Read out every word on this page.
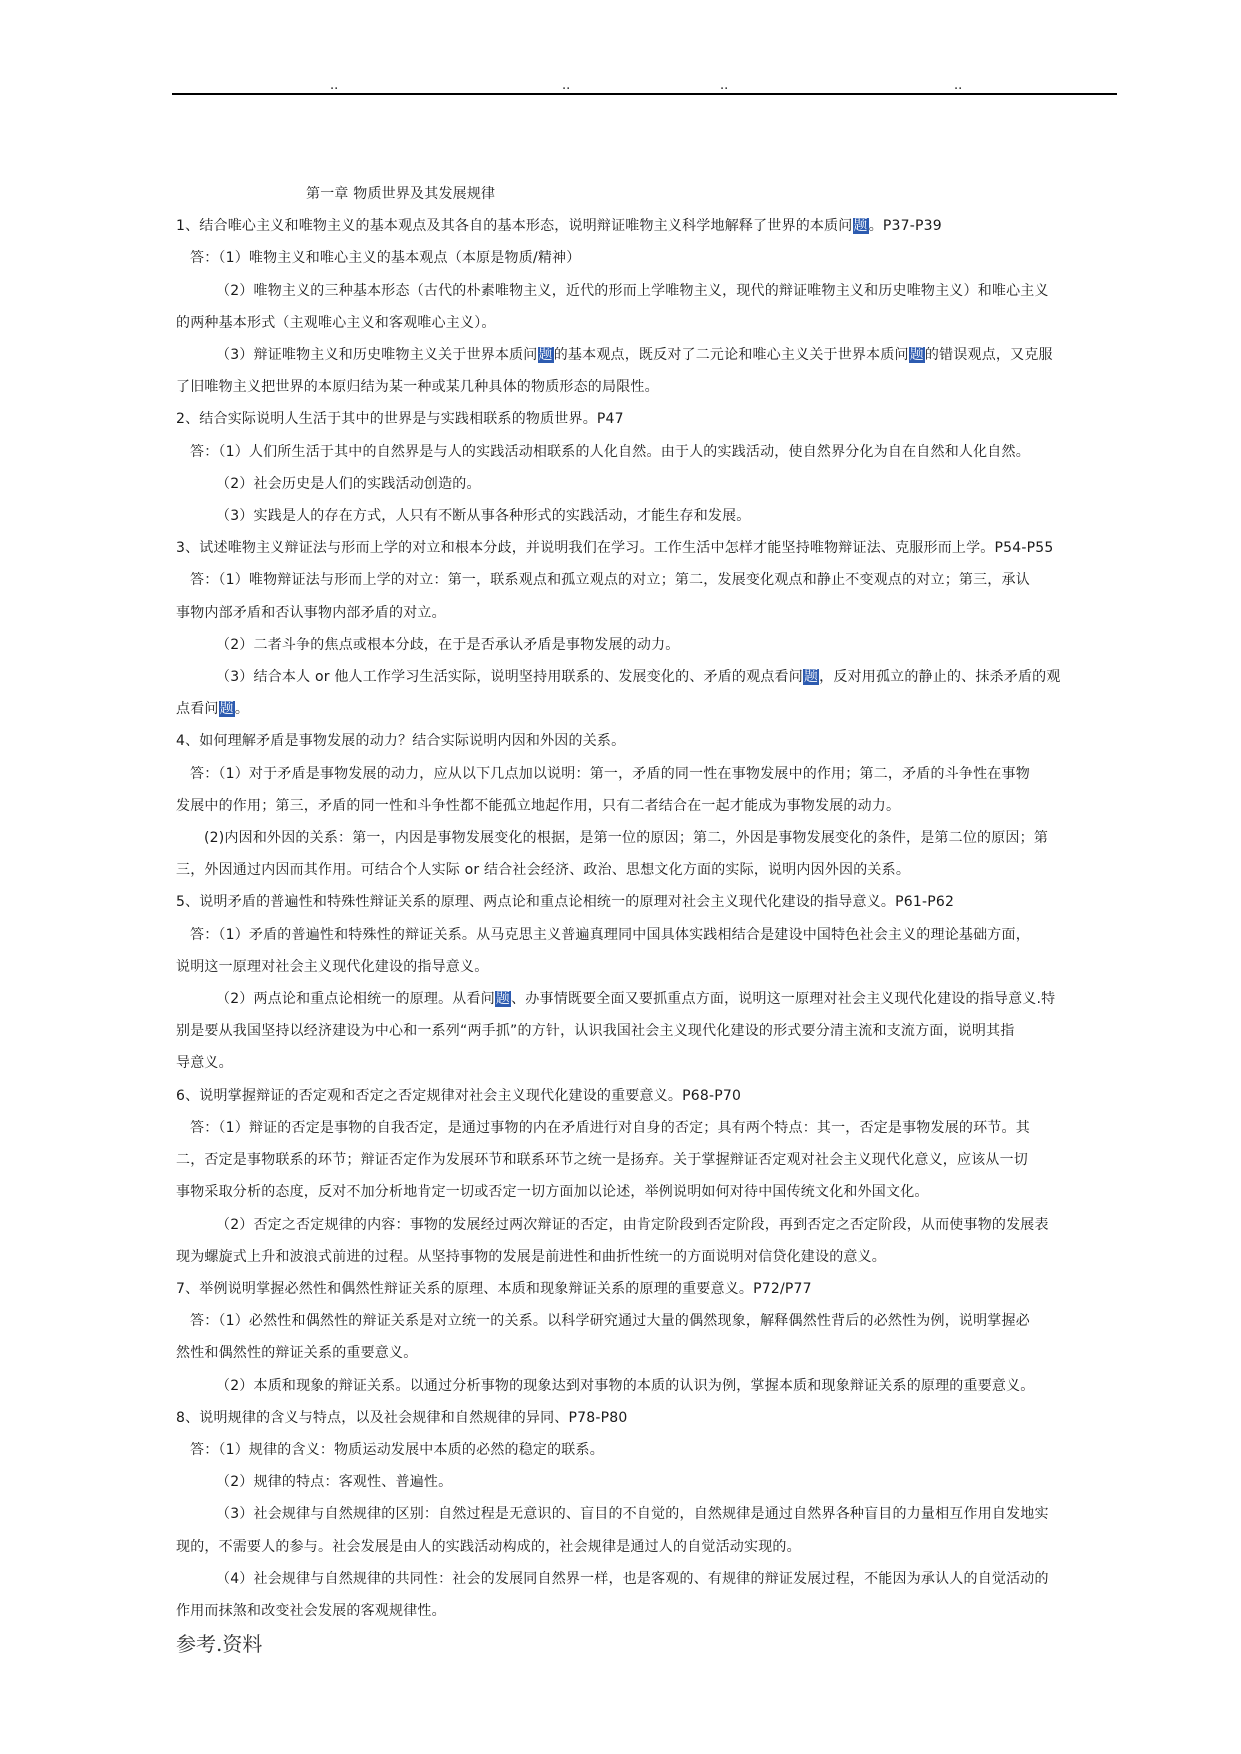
..	..	..	..
第一章 物质世界及其发展规律
1、结合唯心主义和唯物主义的基本观点及其各自的基本形态，说明辩证唯物主义科学地解释了世界的本质问题。P37-P39
答：（1）唯物主义和唯心主义的基本观点（本原是物质/精神）
（2）唯物主义的三种基本形态（古代的朴素唯物主义，近代的形而上学唯物主义，现代的辩证唯物主义和历史唯物主义）和唯心主义
的两种基本形式（主观唯心主义和客观唯心主义）。
（3）辩证唯物主义和历史唯物主义关于世界本质问题的基本观点，既反对了二元论和唯心主义关于世界本质问题的错误观点，又克服
了旧唯物主义把世界的本原归结为某一种或某几种具体的物质形态的局限性。
2、结合实际说明人生活于其中的世界是与实践相联系的物质世界。P47
答：（1）人们所生活于其中的自然界是与人的实践活动相联系的人化自然。由于人的实践活动，使自然界分化为自在自然和人化自然。
（2）社会历史是人们的实践活动创造的。
（3）实践是人的存在方式，人只有不断从事各种形式的实践活动，才能生存和发展。
3、试述唯物主义辩证法与形而上学的对立和根本分歧，并说明我们在学习。工作生活中怎样才能坚持唯物辩证法、克服形而上学。P54-P55
答：（1）唯物辩证法与形而上学的对立：第一，联系观点和孤立观点的对立；第二，发展变化观点和静止不变观点的对立；第三，承认
事物内部矛盾和否认事物内部矛盾的对立。
（2）二者斗争的焦点或根本分歧，在于是否承认矛盾是事物发展的动力。
（3）结合本人 or 他人工作学习生活实际，说明坚持用联系的、发展变化的、矛盾的观点看问题，反对用孤立的静止的、抹杀矛盾的观
点看问题。
4、如何理解矛盾是事物发展的动力？结合实际说明内因和外因的关系。
答：（1）对于矛盾是事物发展的动力，应从以下几点加以说明：第一，矛盾的同一性在事物发展中的作用；第二，矛盾的斗争性在事物
发展中的作用；第三，矛盾的同一性和斗争性都不能孤立地起作用，只有二者结合在一起才能成为事物发展的动力。
(2)内因和外因的关系：第一，内因是事物发展变化的根据，是第一位的原因；第二，外因是事物发展变化的条件，是第二位的原因；第
三，外因通过内因而其作用。可结合个人实际 or 结合社会经济、政治、思想文化方面的实际，说明内因外因的关系。
5、说明矛盾的普遍性和特殊性辩证关系的原理、两点论和重点论相统一的原理对社会主义现代化建设的指导意义。P61-P62
答：（1）矛盾的普遍性和特殊性的辩证关系。从马克思主义普遍真理同中国具体实践相结合是建设中国特色社会主义的理论基础方面，
说明这一原理对社会主义现代化建设的指导意义。
（2）两点论和重点论相统一的原理。从看问题、办事情既要全面又要抓重点方面，说明这一原理对社会主义现代化建设的指导意义.特
别是要从我国坚持以经济建设为中心和一系列“两手抓”的方针，认识我国社会主义现代化建设的形式要分清主流和支流方面，说明其指
导意义。
6、说明掌握辩证的否定观和否定之否定规律对社会主义现代化建设的重要意义。P68-P70
答：（1）辩证的否定是事物的自我否定，是通过事物的内在矛盾进行对自身的否定；具有两个特点：其一，否定是事物发展的环节。其
二，否定是事物联系的环节；辩证否定作为发展环节和联系环节之统一是扬弃。关于掌握辩证否定观对社会主义现代化意义，应该从一切
事物采取分析的态度，反对不加分析地肯定一切或否定一切方面加以论述，举例说明如何对待中国传统文化和外国文化。
（2）否定之否定规律的内容：事物的发展经过两次辩证的否定，由肯定阶段到否定阶段，再到否定之否定阶段，从而使事物的发展表
现为螺旋式上升和波浪式前进的过程。从坚持事物的发展是前进性和曲折性统一的方面说明对信贷化建设的意义。
7、举例说明掌握必然性和偶然性辩证关系的原理、本质和现象辩证关系的原理的重要意义。P72/P77
答：（1）必然性和偶然性的辩证关系是对立统一的关系。以科学研究通过大量的偶然现象，解释偶然性背后的必然性为例，说明掌握必
然性和偶然性的辩证关系的重要意义。
（2）本质和现象的辩证关系。以通过分析事物的现象达到对事物的本质的认识为例，掌握本质和现象辩证关系的原理的重要意义。
8、说明规律的含义与特点，以及社会规律和自然规律的异同、P78-P80
答：（1）规律的含义：物质运动发展中本质的必然的稳定的联系。
（2）规律的特点：客观性、普遍性。
（3）社会规律与自然规律的区别：自然过程是无意识的、盲目的不自觉的，自然规律是通过自然界各种盲目的力量相互作用自发地实
现的，不需要人的参与。社会发展是由人的实践活动构成的，社会规律是通过人的自觉活动实现的。
（4）社会规律与自然规律的共同性：社会的发展同自然界一样，也是客观的、有规律的辩证发展过程，不能因为承认人的自觉活动的
作用而抹煞和改变社会发展的客观规律性。
参考.资料
